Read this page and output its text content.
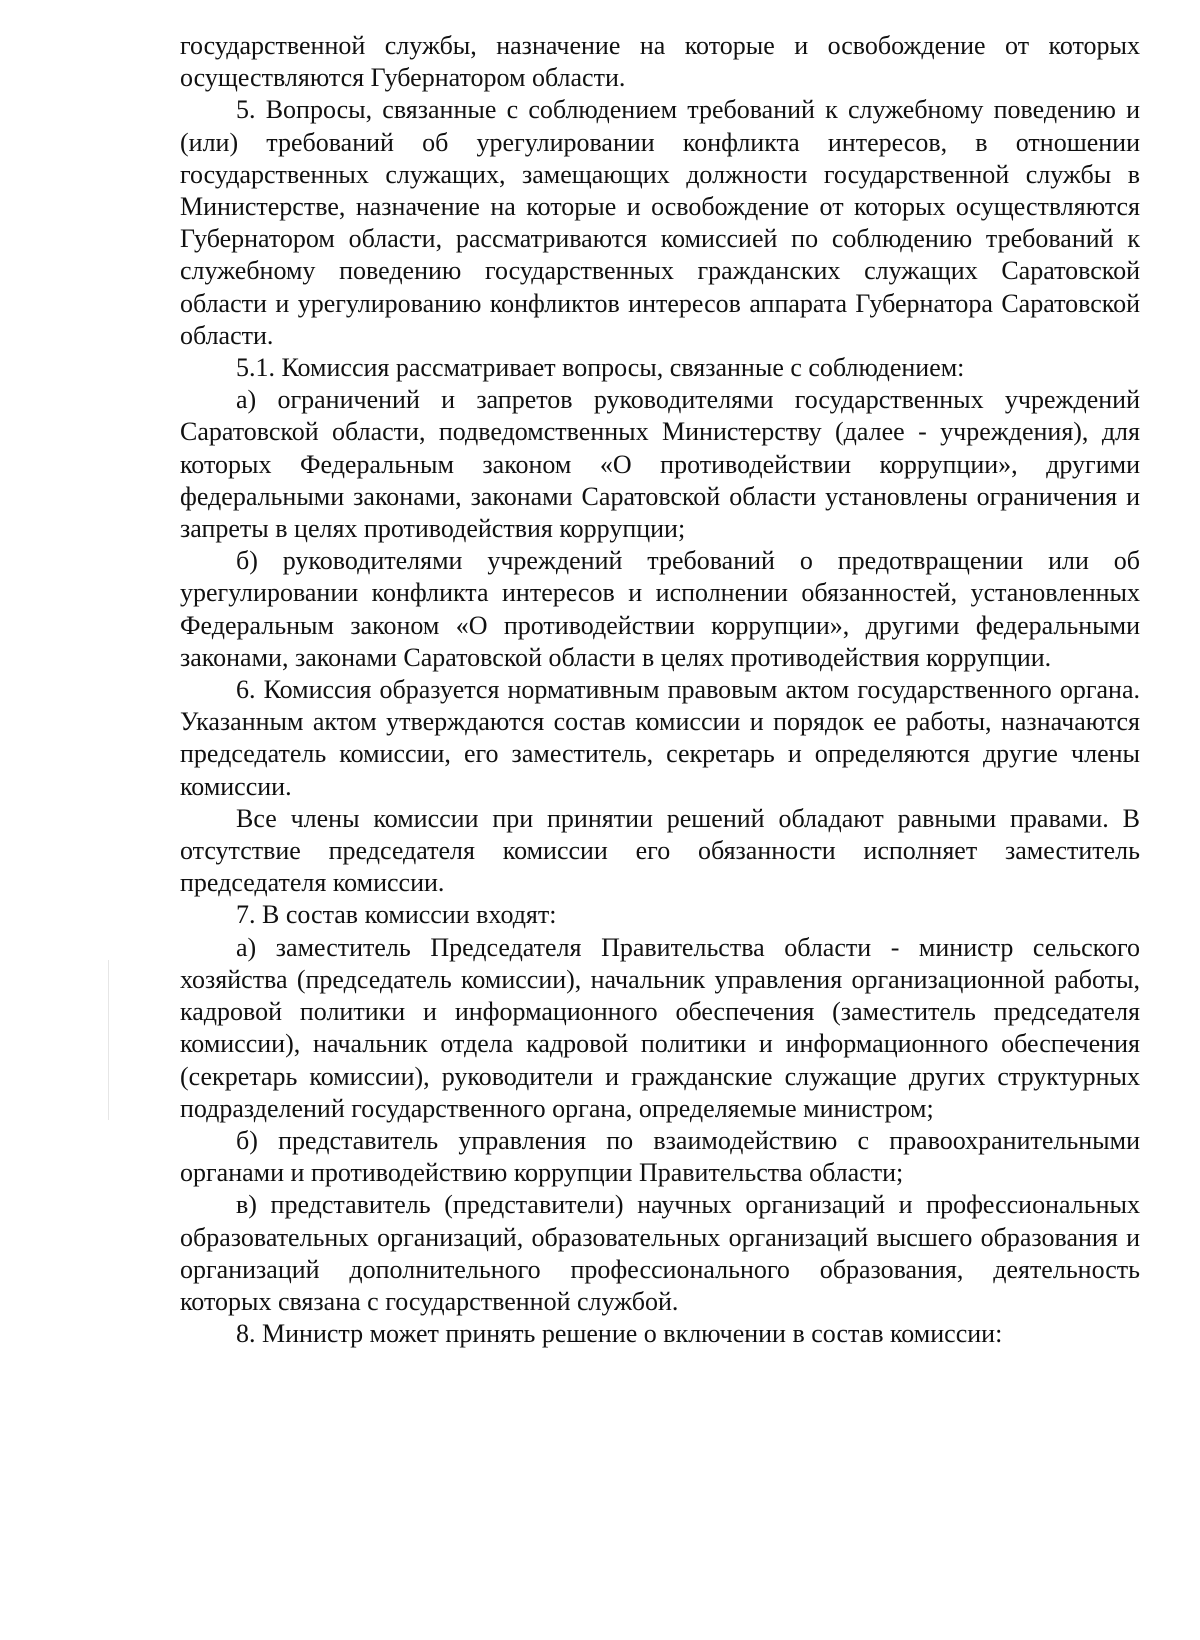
государственной службы, назначение на которые и освобождение от которых осуществляются Губернатором области.

5. Вопросы, связанные с соблюдением требований к служебному поведению и (или) требований об урегулировании конфликта интересов, в отношении государственных служащих, замещающих должности государственной службы в Министерстве, назначение на которые и освобождение от которых осуществляются Губернатором области, рассматриваются комиссией по соблюдению требований к служебному поведению государственных гражданских служащих Саратовской области и урегулированию конфликтов интересов аппарата Губернатора Саратовской области.

5.1. Комиссия рассматривает вопросы, связанные с соблюдением:

а) ограничений и запретов руководителями государственных учреждений Саратовской области, подведомственных Министерству (далее - учреждения), для которых Федеральным законом «О противодействии коррупции», другими федеральными законами, законами Саратовской области установлены ограничения и запреты в целях противодействия коррупции;

б) руководителями учреждений требований о предотвращении или об урегулировании конфликта интересов и исполнении обязанностей, установленных Федеральным законом «О противодействии коррупции», другими федеральными законами, законами Саратовской области в целях противодействия коррупции.

6. Комиссия образуется нормативным правовым актом государственного органа. Указанным актом утверждаются состав комиссии и порядок ее работы, назначаются председатель комиссии, его заместитель, секретарь и определяются другие члены комиссии.

Все члены комиссии при принятии решений обладают равными правами. В отсутствие председателя комиссии его обязанности исполняет заместитель председателя комиссии.

7. В состав комиссии входят:

а) заместитель Председателя Правительства области - министр сельского хозяйства (председатель комиссии), начальник управления организационной работы, кадровой политики и информационного обеспечения (заместитель председателя комиссии), начальник отдела кадровой политики и информационного обеспечения (секретарь комиссии), руководители и гражданские служащие других структурных подразделений государственного органа, определяемые министром;

б) представитель управления по взаимодействию с правоохранительными органами и противодействию коррупции Правительства области;

в) представитель (представители) научных организаций и профессиональных образовательных организаций, образовательных организаций высшего образования и организаций дополнительного профессионального образования, деятельность которых связана с государственной службой.

8. Министр может принять решение о включении в состав комиссии:
